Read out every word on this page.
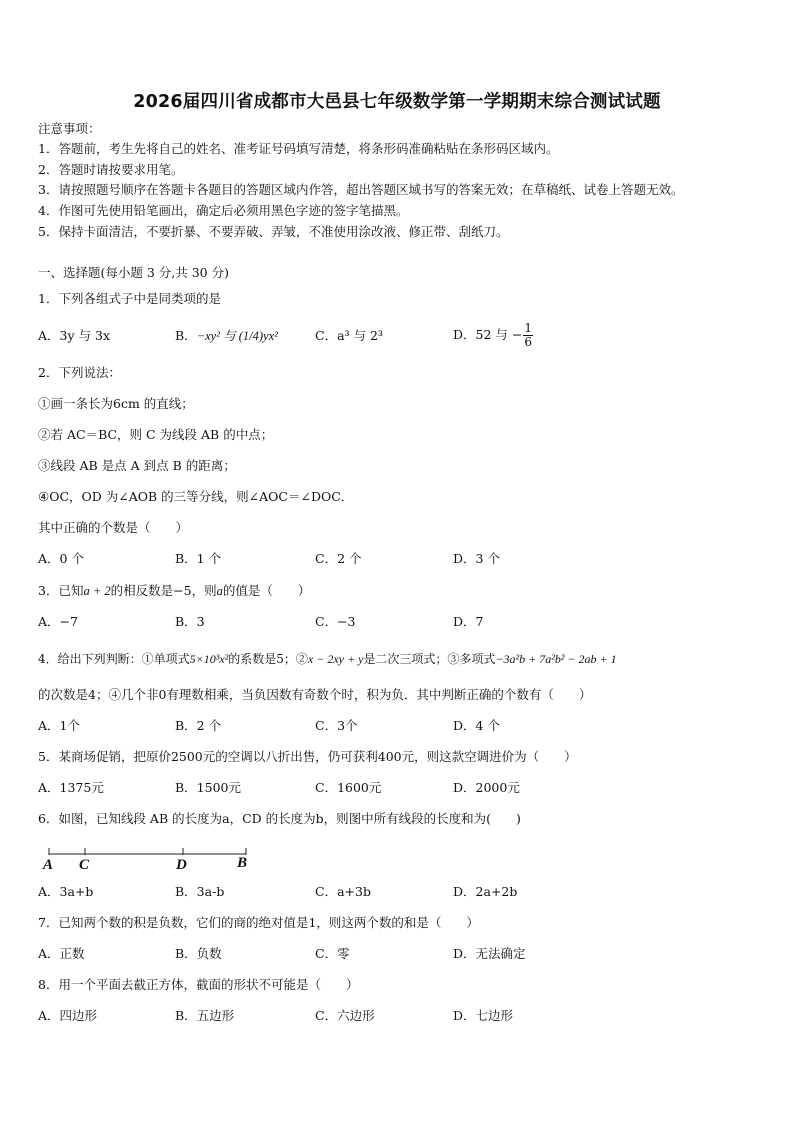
2026届四川省成都市大邑县七年级数学第一学期期末综合测试试题
注意事项：
1．答题前，考生先将自己的姓名、准考证号码填写清楚，将条形码准确粘贴在条形码区域内。
2．答题时请按要求用笔。
3．请按照题号顺序在答题卡各题目的答题区域内作答，超出答题区域书写的答案无效；在草稿纸、试卷上答题无效。
4．作图可先使用铅笔画出，确定后必须用黑色字迹的签字笔描黑。
5．保持卡面清洁，不要折暴、不要弄破、弄皱，不准使用涂改液、修正带、刮纸刀。
一、选择题(每小题 3 分,共 30 分)
1．下列各组式子中是同类项的是
A．3y 与 3x	B．−xy² 与 (1/4)yx²	C．a³ 与 2³	D．52 与 − $\frac{1}{6}$
2．下列说法：
①画一条长为6cm 的直线；
②若 AC＝BC，则 C 为线段 AB 的中点；
③线段 AB 是点 A 到点 B 的距离；
④OC，OD 为∠AOB 的三等分线，则∠AOC＝∠DOC．
其中正确的个数是（　　）
A．0 个	B．1 个	C．2 个	D．3 个
3．已知a + 2的相反数是−5，则a的值是（　　）
A．−7	B．3	C．−3	D．7
4．给出下列判断：①单项式5×10³x²的系数是5；②x − 2xy + y是二次三项式；③多项式−3a²b + 7a²b² − 2ab + 1
的次数是4；④几个非0有理数相乘，当负因数有奇数个时，积为负．其中判断正确的个数有（　　）
A．1个	B．2 个	C．3个	D．4 个
5．某商场促销，把原价2500元的空调以八折出售，仍可获利400元，则这款空调进价为（　　）
A．1375元	B．1500元	C．1600元	D．2000元
6．如图，已知线段 AB 的长度为a，CD 的长度为b，则图中所有线段的长度和为(　　)
A C	D	B
A．3a+b	B．3a-b	C．a+3b	D．2a+2b
7．已知两个数的积是负数，它们的商的绝对值是1，则这两个数的和是（　　）
A．正数	B．负数	C．零	D．无法确定
8．用一个平面去截正方体，截面的形状不可能是（　　）
A．四边形	B．五边形	C．六边形	D．七边形
